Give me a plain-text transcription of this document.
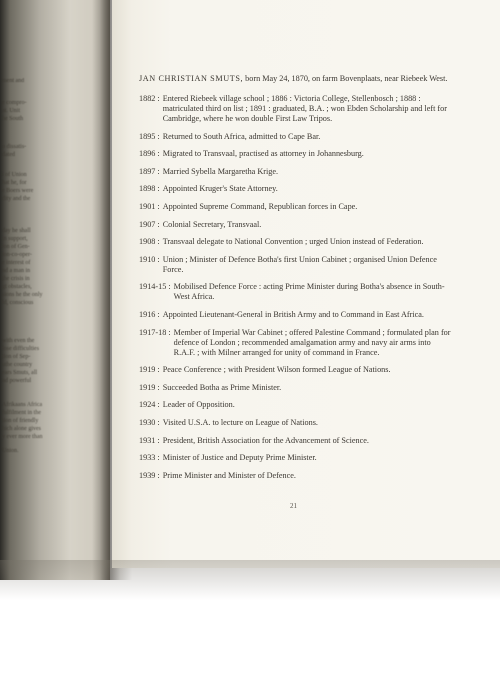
ment and
e compro-
at. Unit
he South
o dissatis-
dated
i of Union
hat he, for
e Boers were
dity and the
day he shall
in support,
ion of Gen-
ion-co-oper-
e interest of
nd a man in
the crisis in
gt obstacles,
sions he the only
ld, conscious
with even the
lose difficulties
tion of Sep-
uthe country
ears Smuts, all
nd powerful
Afrikaans Africa
fulfilment in the
tion of friendly
hich alone gives
y ever more than
Union.

JAN CHRISTIAN SMUTS, born May 24, 1870, on farm Bovenplaats, near Riebeek West.

1882 : Entered Riebeek village school ; 1886 : Victoria College, Stellenbosch ; 1888 : matriculated third on list ; 1891 : graduated, B.A. ; won Ebden Scholarship and left for Cambridge, where he won double First Law Tripos.
1895 : Returned to South Africa, admitted to Cape Bar.
1896 : Migrated to Transvaal, practised as attorney in Johannesburg.
1897 : Married Sybella Margaretha Krige.
1898 : Appointed Kruger's State Attorney.
1901 : Appointed Supreme Command, Republican forces in Cape.
1907 : Colonial Secretary, Transvaal.
1908 : Transvaal delegate to National Convention ; urged Union instead of Federation.
1910 : Union ; Minister of Defence Botha's first Union Cabinet ; organised Union Defence Force.
1914-15 : Mobilised Defence Force : acting Prime Minister during Botha's absence in South-West Africa.
1916 : Appointed Lieutenant-General in British Army and to Command in East Africa.
1917-18 : Member of Imperial War Cabinet ; offered Palestine Command ; formulated plan for defence of London ; recommended amalgamation army and navy air arms into R.A.F. ; with Milner arranged for unity of command in France.
1919 : Peace Conference ; with President Wilson formed League of Nations.
1919 : Succeeded Botha as Prime Minister.
1924 : Leader of Opposition.
1930 : Visited U.S.A. to lecture on League of Nations.
1931 : President, British Association for the Advancement of Science.
1933 : Minister of Justice and Deputy Prime Minister.
1939 : Prime Minister and Minister of Defence.
21
